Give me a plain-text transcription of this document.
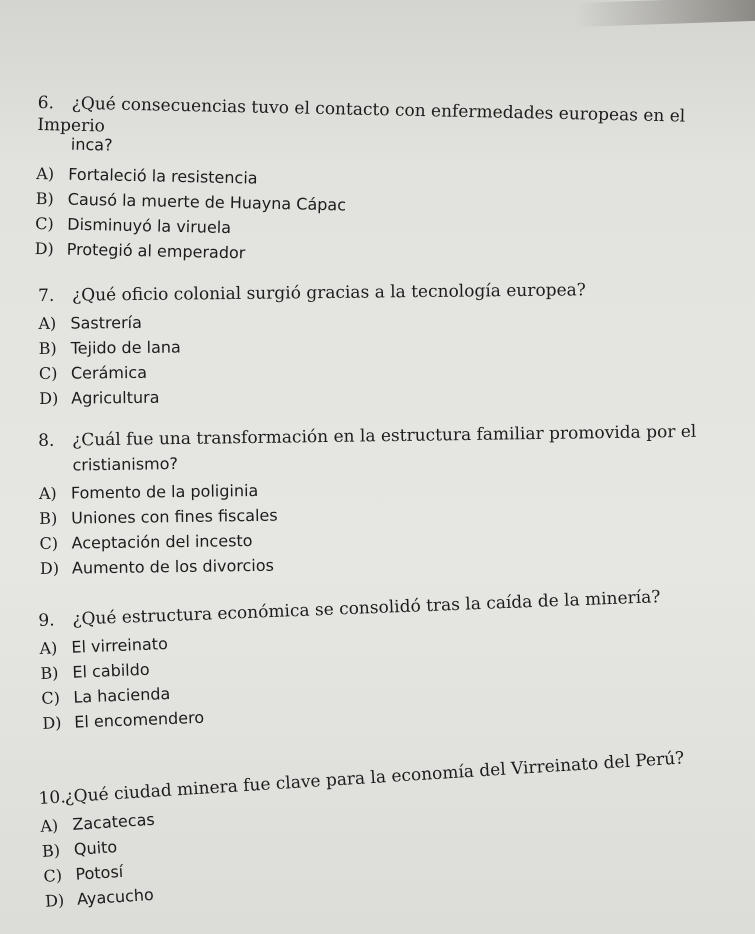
6. ¿Qué consecuencias tuvo el contacto con enfermedades europeas en el Imperio
inca?
A) Fortaleció la resistencia
B) Causó la muerte de Huayna Cápac
C) Disminuyó la viruela
D) Protegió al emperador
7. ¿Qué oficio colonial surgió gracias a la tecnología europea?
A) Sastrería
B) Tejido de lana
C) Cerámica
D) Agricultura
8. ¿Cuál fue una transformación en la estructura familiar promovida por el
cristianismo?
A) Fomento de la poliginia
B) Uniones con fines fiscales
C) Aceptación del incesto
D) Aumento de los divorcios
9. ¿Qué estructura económica se consolidó tras la caída de la minería?
A) El virreinato
B) El cabildo
C) La hacienda
D) El encomendero
10.¿Qué ciudad minera fue clave para la economía del Virreinato del Perú?
A) Zacatecas
B) Quito
C) Potosí
D) Ayacucho
